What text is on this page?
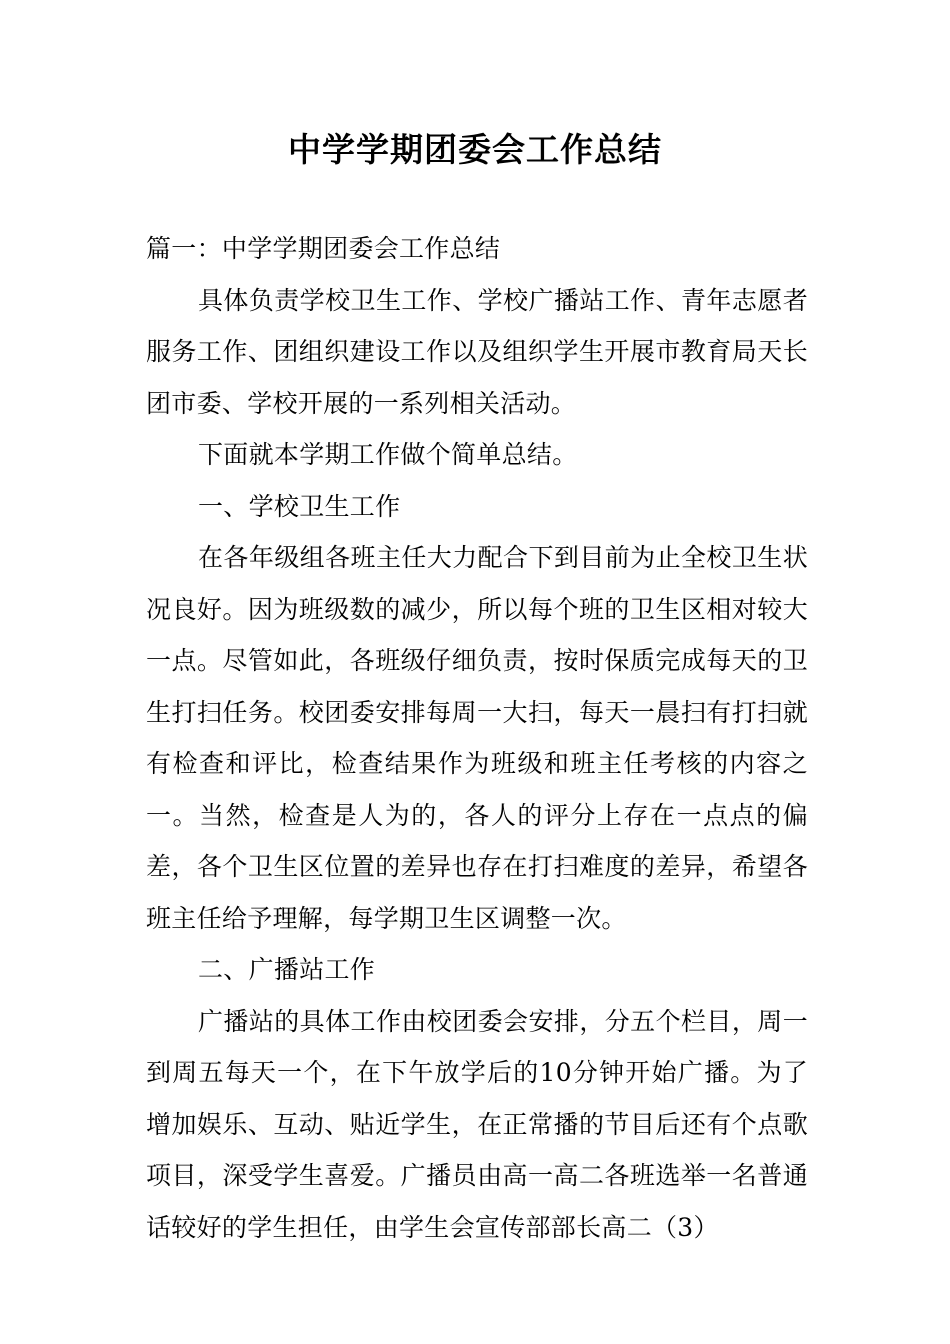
中学学期团委会工作总结

篇一：中学学期团委会工作总结

具体负责学校卫生工作、学校广播站工作、青年志愿者服务工作、团组织建设工作以及组织学生开展市教育局天长团市委、学校开展的一系列相关活动。

下面就本学期工作做个简单总结。

一、学校卫生工作

在各年级组各班主任大力配合下到目前为止全校卫生状况良好。因为班级数的减少，所以每个班的卫生区相对较大一点。尽管如此，各班级仔细负责，按时保质完成每天的卫生打扫任务。校团委安排每周一大扫，每天一晨扫有打扫就有检查和评比，检查结果作为班级和班主任考核的内容之一。当然，检查是人为的，各人的评分上存在一点点的偏差，各个卫生区位置的差异也存在打扫难度的差异，希望各班主任给予理解，每学期卫生区调整一次。

二、广播站工作

广播站的具体工作由校团委会安排，分五个栏目，周一到周五每天一个，在下午放学后的10分钟开始广播。为了增加娱乐、互动、贴近学生，在正常播的节目后还有个点歌项目，深受学生喜爱。广播员由高一高二各班选举一名普通话较好的学生担任，由学生会宣传部部长高二（3）
